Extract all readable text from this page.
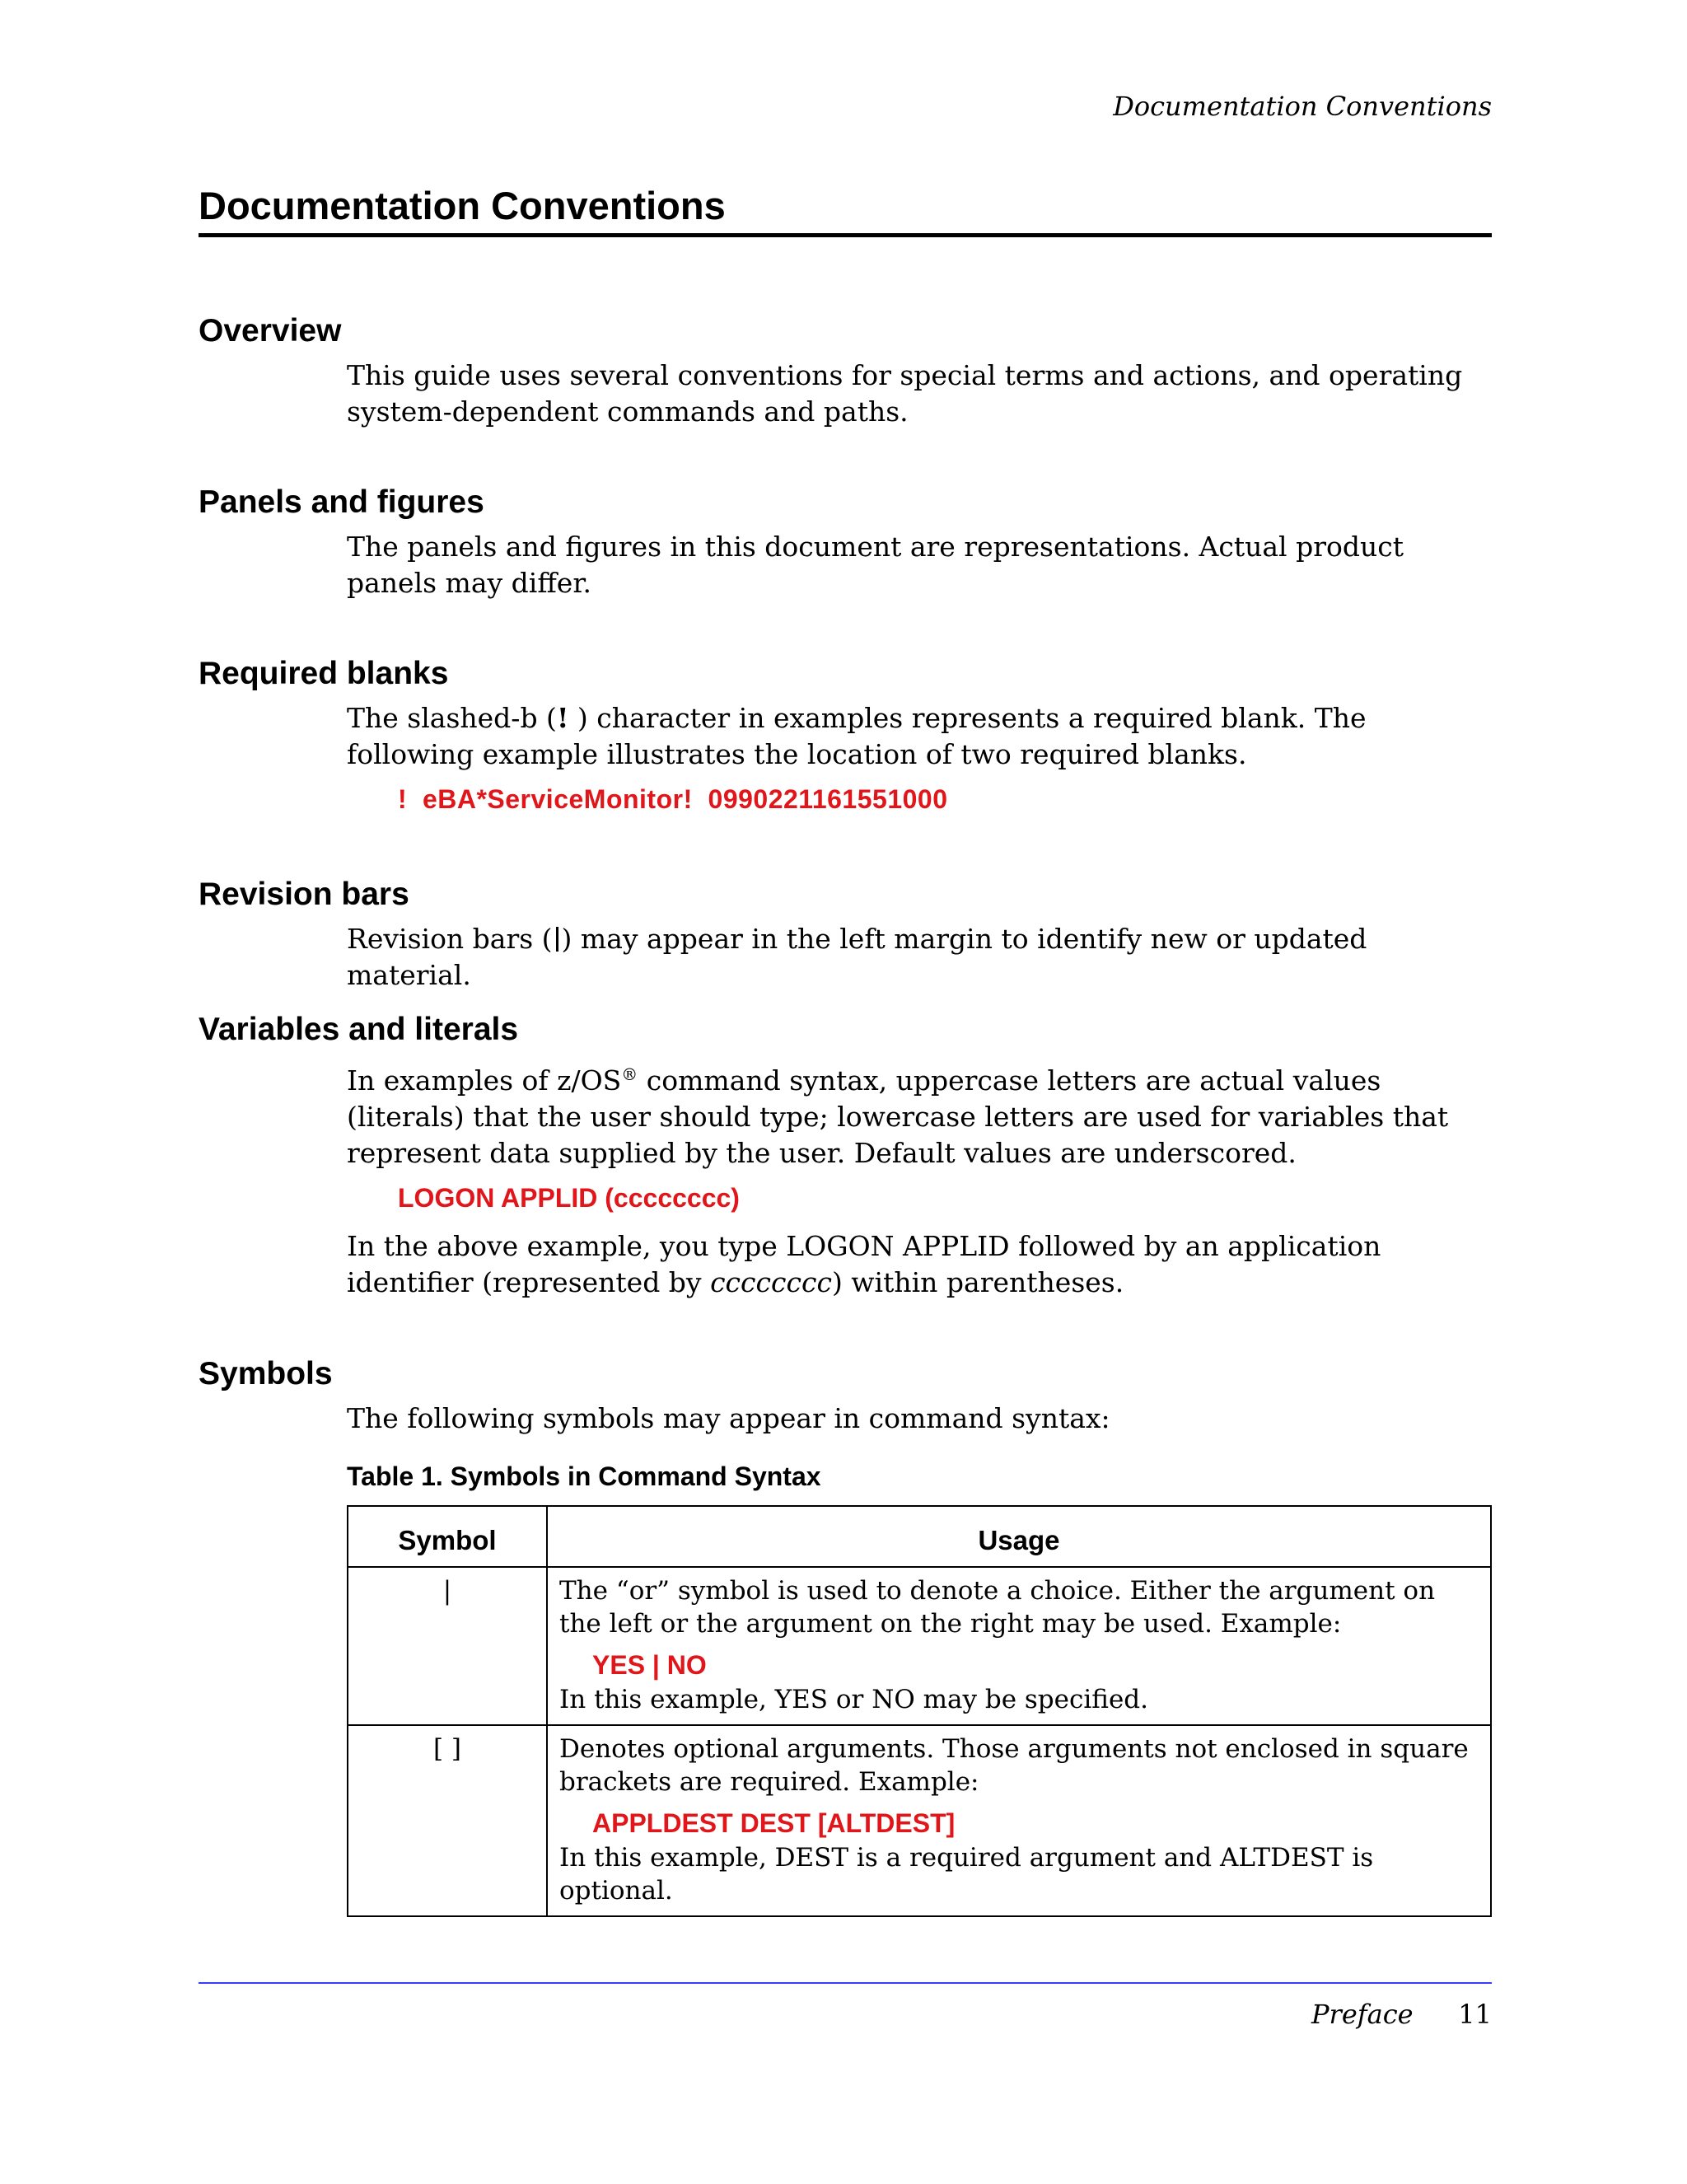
Documentation Conventions
Documentation Conventions
Overview

This guide uses several conventions for special terms and actions, and operating system-dependent commands and paths.

Panels and figures

The panels and figures in this document are representations. Actual product panels may differ.

Required blanks

The slashed-b (! ) character in examples represents a required blank. The following example illustrates the location of two required blanks.

!  eBA*ServiceMonitor!  0990221161551000
Revision bars

Revision bars ( ) may appear in the left margin to identify new or updated material.

Variables and literals

In examples of z/OS® command syntax, uppercase letters are actual values (literals) that the user should type; lowercase letters are used for variables that represent data supplied by the user. Default values are underscored.

LOGON APPLID (cccccccc)

In the above example, you type LOGON APPLID followed by an application identifier (represented by cccccccc) within parentheses.

Symbols

The following symbols may appear in command syntax:

Table 1. Symbols in Command Syntax
Symbol	Usage
|	The “or” symbol is used to denote a choice. Either the argument on the left or the argument on the right may be used. Example:
YES | NO
In this example, YES or NO may be specified.

[ ]	Denotes optional arguments. Those arguments not enclosed in square brackets are required. Example:
APPLDEST DEST [ALTDEST]
In this example, DEST is a required argument and ALTDEST is optional.
Preface 11
